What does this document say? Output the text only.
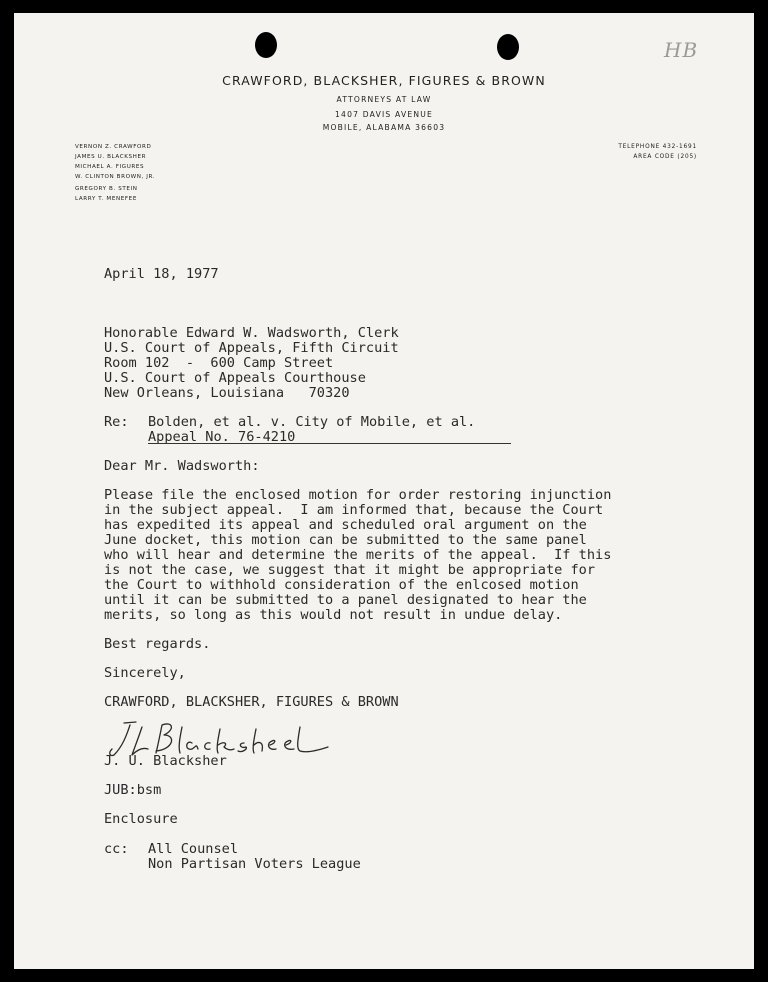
HB
CRAWFORD, BLACKSHER, FIGURES & BROWN
ATTORNEYS AT LAW
1407 DAVIS AVENUE
MOBILE, ALABAMA 36603
VERNON Z. CRAWFORD
JAMES U. BLACKSHER
MICHAEL A. FIGURES
W. CLINTON BROWN, JR.
GREGORY B. STEIN
LARRY T. MENEFEE
TELEPHONE 432-1691
AREA CODE (205)
April 18, 1977
Honorable Edward W. Wadsworth, Clerk
U.S. Court of Appeals, Fifth Circuit
Room 102  -  600 Camp Street
U.S. Court of Appeals Courthouse
New Orleans, Louisiana   70320
Re: Bolden, et al. v. City of Mobile, et al.
Appeal No. 76-4210
Dear Mr. Wadsworth:
Please file the enclosed motion for order restoring injunction
in the subject appeal.  I am informed that, because the Court
has expedited its appeal and scheduled oral argument on the
June docket, this motion can be submitted to the same panel
who will hear and determine the merits of the appeal.  If this
is not the case, we suggest that it might be appropriate for
the Court to withhold consideration of the enlcosed motion
until it can be submitted to a panel designated to hear the
merits, so long as this would not result in undue delay.
Best regards.
Sincerely,
CRAWFORD, BLACKSHER, FIGURES & BROWN
J. U. Blacksher
JUB:bsm
Enclosure
cc: All Counsel
Non Partisan Voters League
